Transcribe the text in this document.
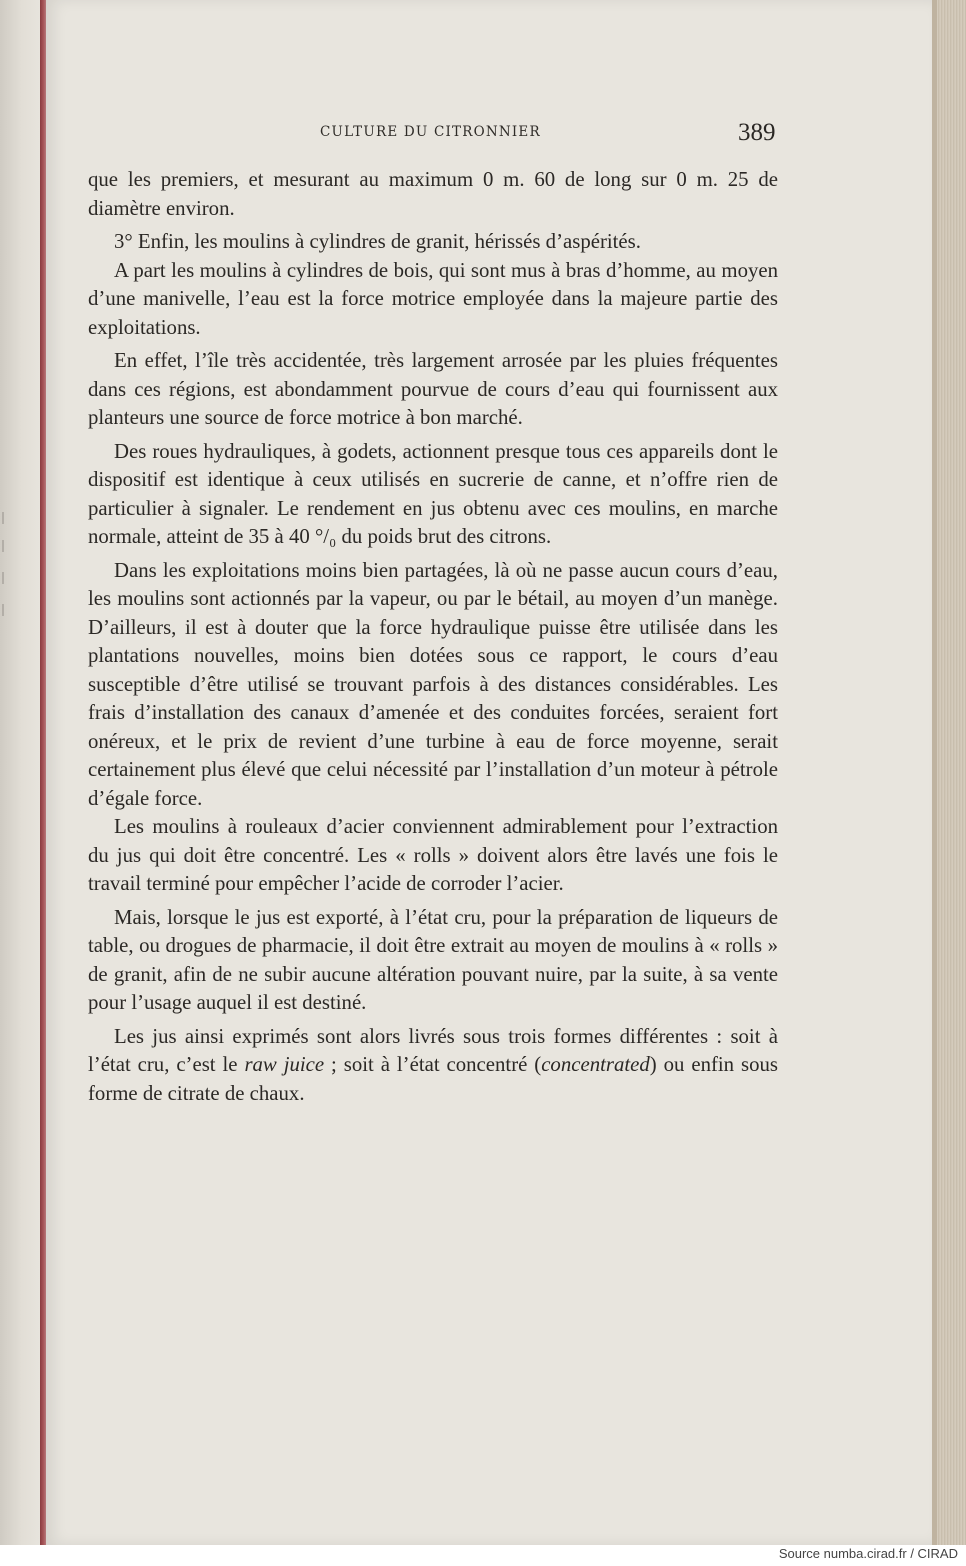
CULTURE DU CITRONNIER	389

que les premiers, et mesurant au maximum 0 m. 60 de long sur 0 m. 25 de diamètre environ.

3° Enfin, les moulins à cylindres de granit, hérissés d’aspérités.

A part les moulins à cylindres de bois, qui sont mus à bras d’homme, au moyen d’une manivelle, l’eau est la force motrice employée dans la majeure partie des exploitations.

En effet, l’île très accidentée, très largement arrosée par les pluies fréquentes dans ces régions, est abondamment pourvue de cours d’eau qui fournissent aux planteurs une source de force motrice à bon marché.

Des roues hydrauliques, à godets, actionnent presque tous ces appareils dont le dispositif est identique à ceux utilisés en sucrerie de canne, et n’offre rien de particulier à signaler. Le rendement en jus obtenu avec ces moulins, en marche normale, atteint de 35 à 40 °/₀ du poids brut des citrons.

Dans les exploitations moins bien partagées, là où ne passe aucun cours d’eau, les moulins sont actionnés par la vapeur, ou par le bétail, au moyen d’un manège. D’ailleurs, il est à douter que la force hydraulique puisse être utilisée dans les plantations nouvelles, moins bien dotées sous ce rapport, le cours d’eau susceptible d’être utilisé se trouvant parfois à des distances considérables. Les frais d’installation des canaux d’amenée et des conduites forcées, seraient fort onéreux, et le prix de revient d’une turbine à eau de force moyenne, serait certainement plus élevé que celui nécessité par l’installation d’un moteur à pétrole d’égale force.

Les moulins à rouleaux d’acier conviennent admirablement pour l’extraction du jus qui doit être concentré. Les « rolls » doivent alors être lavés une fois le travail terminé pour empêcher l’acide de corroder l’acier.

Mais, lorsque le jus est exporté, à l’état cru, pour la préparation de liqueurs de table, ou drogues de pharmacie, il doit être extrait au moyen de moulins à « rolls » de granit, afin de ne subir aucune altération pouvant nuire, par la suite, à sa vente pour l’usage auquel il est destiné.

Les jus ainsi exprimés sont alors livrés sous trois formes différentes : soit à l’état cru, c’est le raw juice ; soit à l’état concentré (concentrated) ou enfin sous forme de citrate de chaux.

Source numba.cirad.fr / CIRAD
